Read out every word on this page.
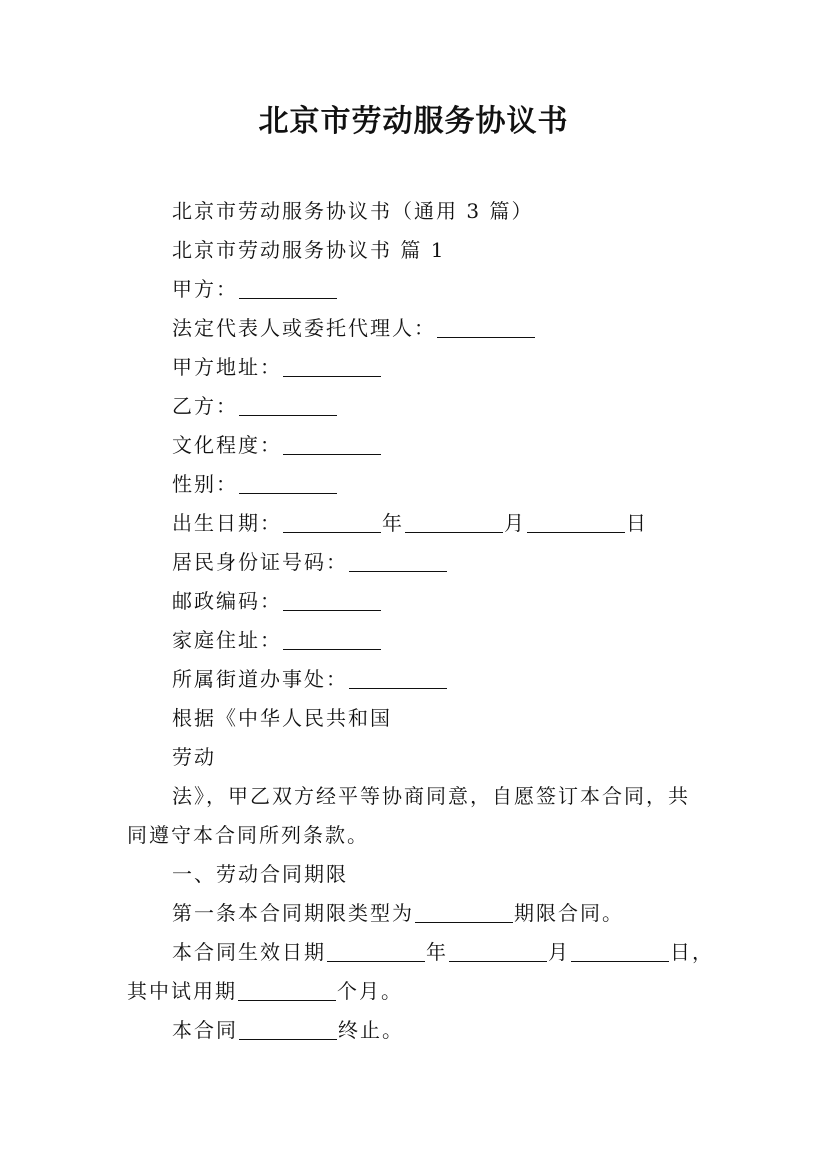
北京市劳动服务协议书
北京市劳动服务协议书（通用 3 篇）
北京市劳动服务协议书 篇 1
甲方：
法定代表人或委托代理人：
甲方地址：
乙方：
文化程度：
性别：
出生日期：	年	月	日
居民身份证号码：
邮政编码：
家庭住址：
所属街道办事处：
根据《中华人民共和国
劳动
法》，甲乙双方经平等协商同意，自愿签订本合同，共
同遵守本合同所列条款。
一、劳动合同期限
第一条本合同期限类型为	期限合同。
本合同生效日期	年	月	日，
其中试用期	个月。
本合同	终止。
